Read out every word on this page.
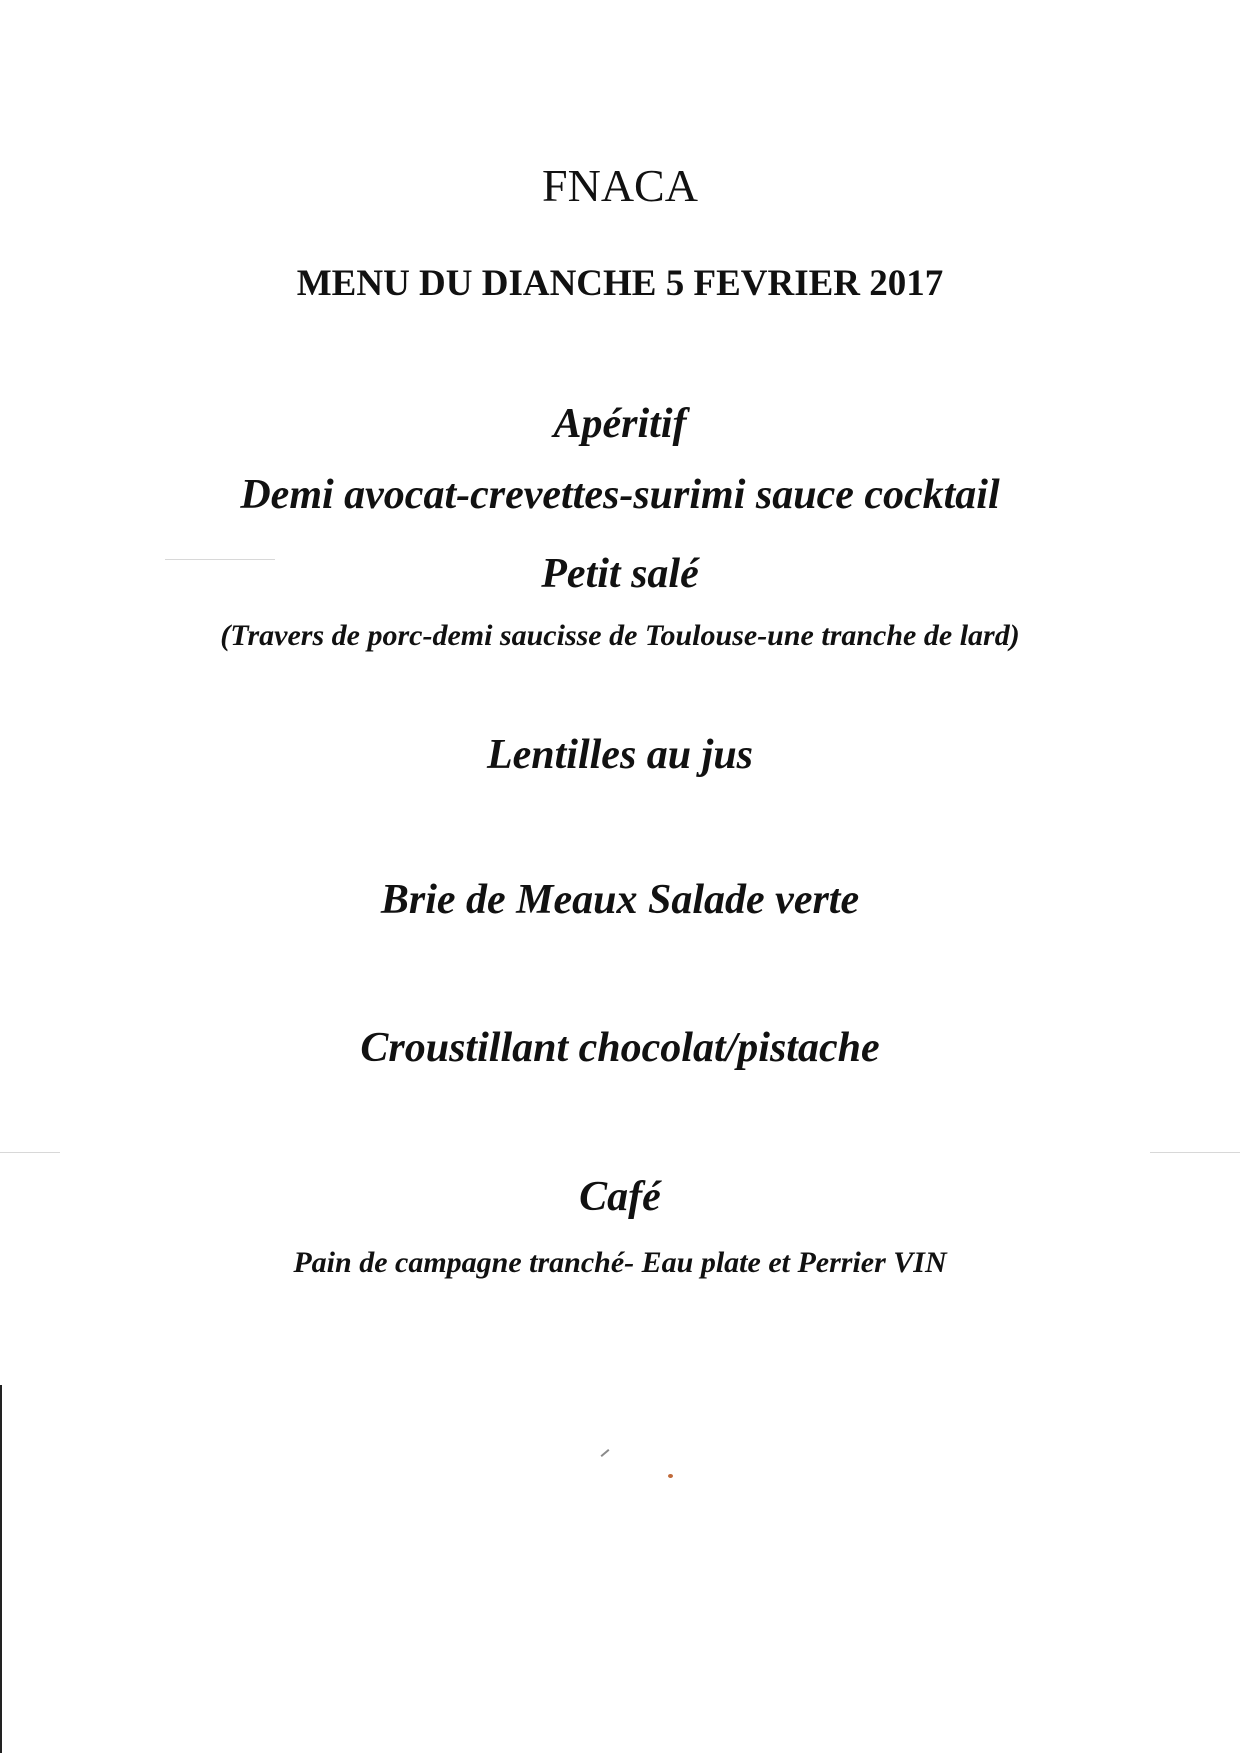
FNACA
MENU DU DIANCHE 5 FEVRIER 2017
Apéritif
Demi avocat-crevettes-surimi sauce cocktail
Petit salé
(Travers de porc-demi saucisse de Toulouse-une tranche de lard)
Lentilles au jus
Brie de Meaux Salade verte
Croustillant chocolat/pistache
Café
Pain de campagne tranché- Eau plate et Perrier VIN
